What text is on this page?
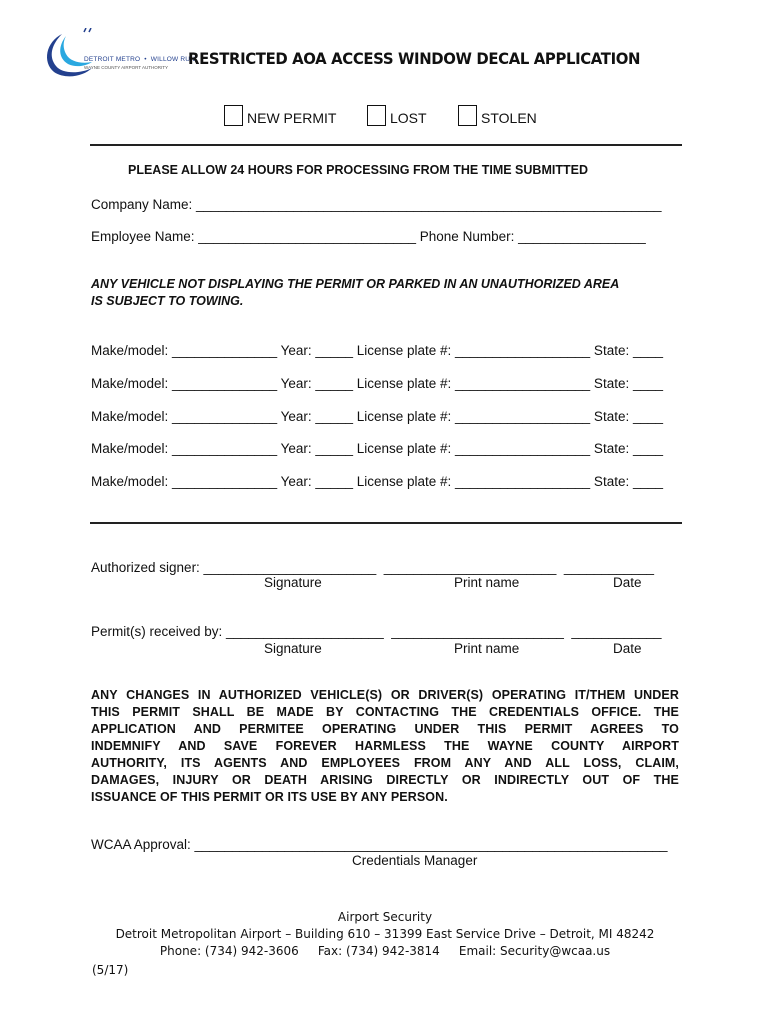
DETROIT METRO  •  WILLOW RUN
WAYNE COUNTY AIRPORT AUTHORITY RESTRICTED AOA ACCESS WINDOW DECAL APPLICATION
NEW PERMIT	LOST	STOLEN
PLEASE ALLOW 24 HOURS FOR PROCESSING FROM THE TIME SUBMITTED
Company Name: ______________________________________________________________
Employee Name: _____________________________ Phone Number: _________________
ANY VEHICLE NOT DISPLAYING THE PERMIT OR PARKED IN AN UNAUTHORIZED AREA
IS SUBJECT TO TOWING.
Make/model: ______________ Year: _____ License plate #: __________________ State: ____
Make/model: ______________ Year: _____ License plate #: __________________ State: ____
Make/model: ______________ Year: _____ License plate #: __________________ State: ____
Make/model: ______________ Year: _____ License plate #: __________________ State: ____
Make/model: ______________ Year: _____ License plate #: __________________ State: ____
Authorized signer: _______________________  _______________________  ____________
Signature	Print name	Date
Permit(s) received by: _____________________  _______________________  ____________
Signature	Print name	Date
ANY CHANGES IN AUTHORIZED VEHICLE(S) OR DRIVER(S) OPERATING IT/THEM UNDER
THIS PERMIT SHALL BE MADE BY CONTACTING THE CREDENTIALS OFFICE. THE
APPLICATION AND PERMITEE OPERATING UNDER THIS PERMIT AGREES TO
INDEMNIFY AND SAVE FOREVER HARMLESS THE WAYNE COUNTY AIRPORT
AUTHORITY, ITS AGENTS AND EMPLOYEES FROM ANY AND ALL LOSS, CLAIM,
DAMAGES, INJURY OR DEATH ARISING DIRECTLY OR INDIRECTLY OUT OF THE
ISSUANCE OF THIS PERMIT OR ITS USE BY ANY PERSON.
WCAA Approval: _______________________________________________________________
Credentials Manager
Airport Security
Detroit Metropolitan Airport – Building 610 – 31399 East Service Drive – Detroit, MI 48242
Phone: (734) 942-3606     Fax: (734) 942-3814     Email: Security@wcaa.us
(5/17)
